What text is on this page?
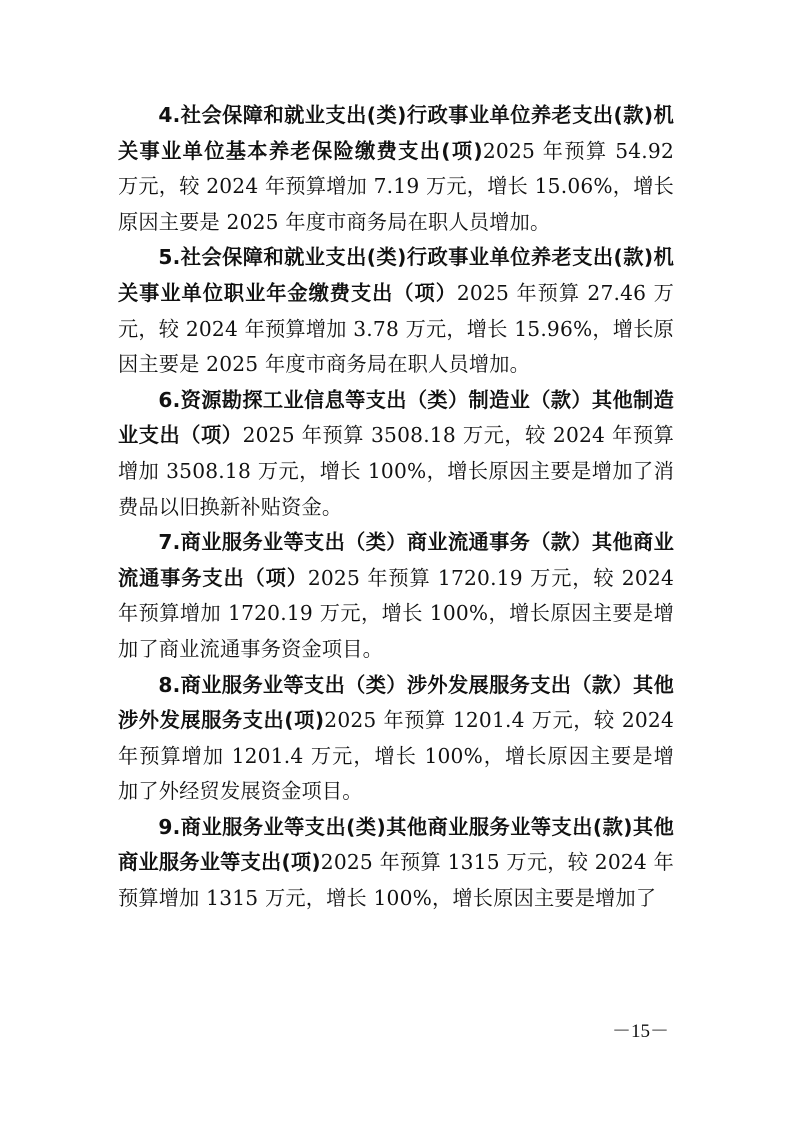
4.社会保障和就业支出(类)行政事业单位养老支出(款)机关事业单位基本养老保险缴费支出(项)2025 年预算 54.92 万元，较 2024 年预算增加 7.19 万元，增长 15.06%，增长原因主要是 2025 年度市商务局在职人员增加。

5.社会保障和就业支出(类)行政事业单位养老支出(款)机关事业单位职业年金缴费支出（项）2025 年预算 27.46 万元，较 2024 年预算增加 3.78 万元，增长 15.96%，增长原因主要是 2025 年度市商务局在职人员增加。

6.资源勘探工业信息等支出（类）制造业（款）其他制造业支出（项）2025 年预算 3508.18 万元，较 2024 年预算增加 3508.18 万元，增长 100%，增长原因主要是增加了消费品以旧换新补贴资金。

7.商业服务业等支出（类）商业流通事务（款）其他商业流通事务支出（项）2025 年预算 1720.19 万元，较 2024 年预算增加 1720.19 万元，增长 100%，增长原因主要是增加了商业流通事务资金项目。

8.商业服务业等支出（类）涉外发展服务支出（款）其他涉外发展服务支出(项)2025 年预算 1201.4 万元，较 2024 年预算增加 1201.4 万元，增长 100%，增长原因主要是增加了外经贸发展资金项目。

9.商业服务业等支出(类)其他商业服务业等支出(款)其他商业服务业等支出(项)2025 年预算 1315 万元，较 2024 年预算增加 1315 万元，增长 100%，增长原因主要是增加了

－15－
